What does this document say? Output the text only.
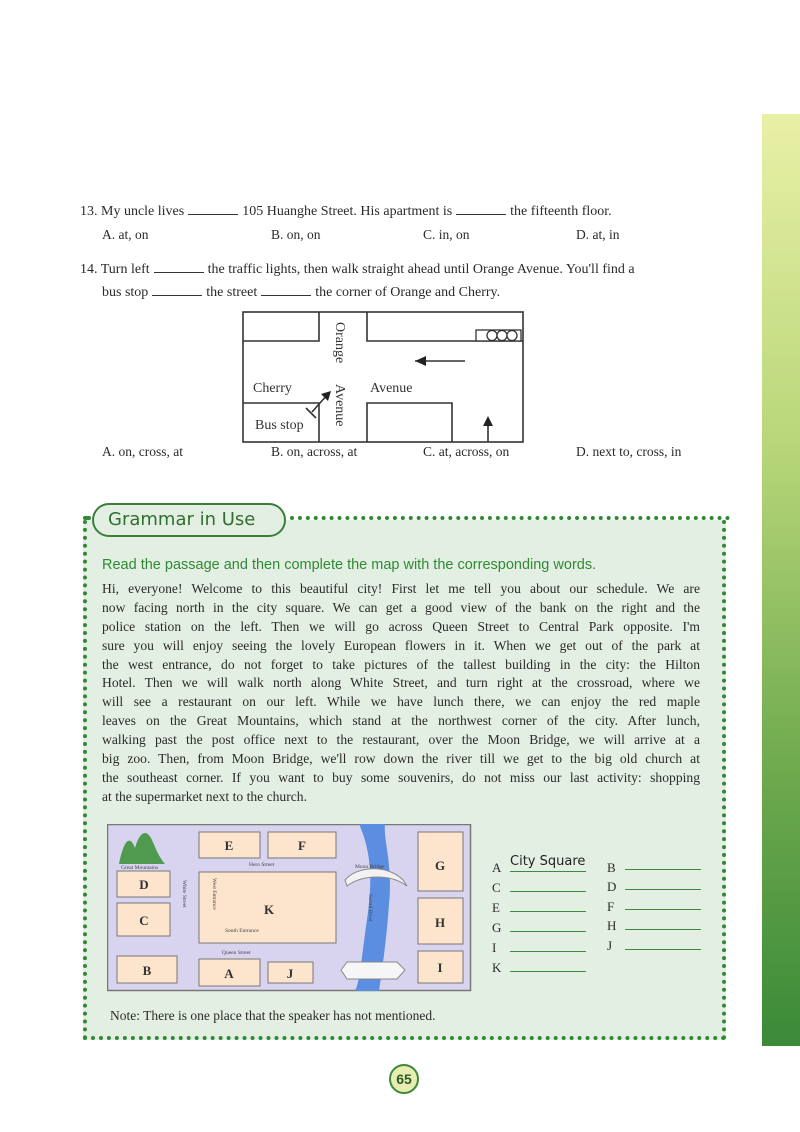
13. My uncle lives	105 Huanghe Street. His apartment is	the fifteenth floor.
A. at, on	B. on, on	C. in, on	D. at, in
14. Turn left	the traffic lights, then walk straight ahead until Orange Avenue. You'll find a
bus stop	the street	the corner of Orange and Cherry.
Orange
Avenue
Cherry	Avenue
Bus stop
A. on, cross, at	B. on, across, at	C. at, across, on	D. next to, cross, in
Grammar in Use
Read the passage and then complete the map with the corresponding words.
Hi, everyone! Welcome to this beautiful city! First let me tell you about our schedule. We are
now facing north in the city square. We can get a good view of the bank on the right and the
police station on the left. Then we will go across Queen Street to Central Park opposite. I'm
sure you will enjoy seeing the lovely European flowers in it. When we get out of the park at
the west entrance, do not forget to take pictures of the tallest building in the city: the Hilton
Hotel. Then we will walk north along White Street, and turn right at the crossroad, where we
will see a restaurant on our left. While we have lunch there, we can enjoy the red maple
leaves on the Great Mountains, which stand at the northwest corner of the city. After lunch,
walking past the post office next to the restaurant, over the Moon Bridge, we will arrive at a
big zoo. Then, from Moon Bridge, we'll row down the river till we get to the big old church at
the southeast corner. If you want to buy some souvenirs, do not miss our last activity: shopping
at the supermarket next to the church.
E	F
G
D
C
K
H
B	A	J	I
Great Mountains	Hero Street	Moon Bridge
Sword River
West Entrance
White Street
South Entrance
Queen Street
A City Square
C
E
G
I
K
B
D
F
H
J
Note: There is one place that the speaker has not mentioned.
65
